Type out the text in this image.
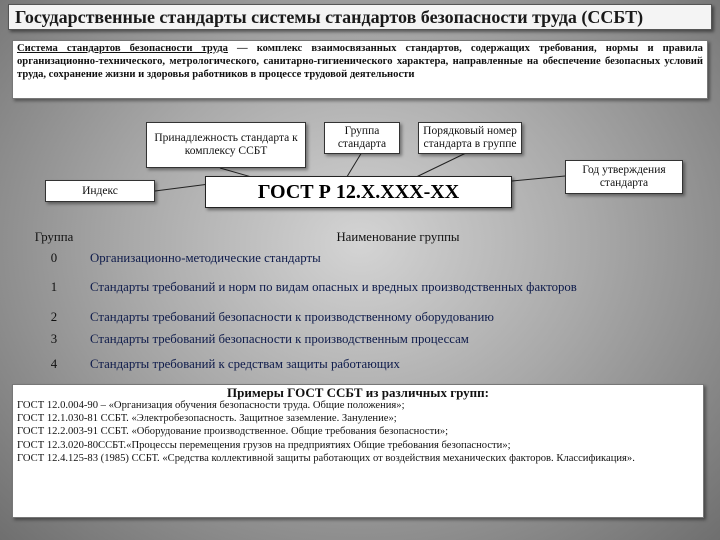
Государственные стандарты системы стандартов безопасности труда (ССБТ)
Система стандартов безопасности труда — комплекс взаимосвязанных стандартов, содержащих требования, нормы и правила организационно-технического, метрологического, санитарно-гигиенического характера, направленные на обеспечение безопасных условий труда, сохранение жизни и здоровья работников в процессе трудовой деятельности
Принадлежность стандарта к комплексу ССБТ
Группа стандарта
Порядковый номер стандарта в группе
Индекс
Год утверждения стандарта
ГОСТ Р 12.Х.ХХХ-ХХ
Группа	Наименование группы
0	Организационно-методические стандарты
1	Стандарты требований и норм по видам опасных и вредных производственных факторов
2	Стандарты требований безопасности к производственному оборудованию
3	Стандарты требований безопасности к производственным процессам
4	Стандарты требований к средствам защиты работающих
Примеры ГОСТ ССБТ из различных групп:
ГОСТ 12.0.004-90 – «Организация обучения безопасности труда. Общие положения»;
ГОСТ 12.1.030-81 ССБТ. «Электробезопасность. Защитное заземление. Зануление»;
ГОСТ 12.2.003-91 ССБТ. «Оборудование производственное. Общие требования безопасности»;
ГОСТ 12.3.020-80ССБТ.«Процессы перемещения грузов на предприятиях Общие требования безопасности»;
ГОСТ 12.4.125-83 (1985) ССБТ. «Средства коллективной защиты работающих от воздействия механических факторов. Классификация».
